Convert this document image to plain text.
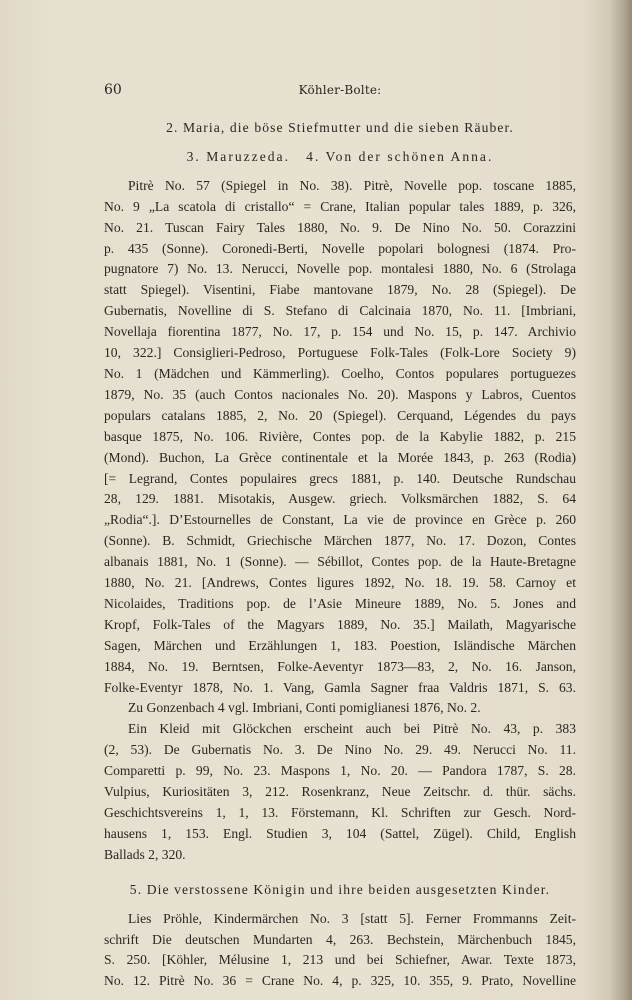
60	Köhler-Bolte:
2. Maria, die böse Stiefmutter und die sieben Räuber.
3. Maruzzeda.   4. Von der schönen Anna.
Pitrè No. 57 (Spiegel in No. 38). Pitrè, Novelle pop. toscane 1885,
No. 9 „La scatola di cristallo“ = Crane, Italian popular tales 1889, p. 326,
No. 21. Tuscan Fairy Tales 1880, No. 9. De Nino No. 50. Corazzini
p. 435 (Sonne). Coronedi-Berti, Novelle popolari bolognesi (1874. Pro-
pugnatore 7) No. 13. Nerucci, Novelle pop. montalesi 1880, No. 6 (Strolaga
statt Spiegel). Visentini, Fiabe mantovane 1879, No. 28 (Spiegel). De
Gubernatis, Novelline di S. Stefano di Calcinaia 1870, No. 11. [Imbriani,
Novellaja fiorentina 1877, No. 17, p. 154 und No. 15, p. 147. Archivio
10, 322.] Consiglieri-Pedroso, Portuguese Folk-Tales (Folk-Lore Society 9)
No. 1 (Mädchen und Kämmerling). Coelho, Contos populares portuguezes
1879, No. 35 (auch Contos nacionales No. 20). Maspons y Labros, Cuentos
populars catalans 1885, 2, No. 20 (Spiegel). Cerquand, Légendes du pays
basque 1875, No. 106. Rivière, Contes pop. de la Kabylie 1882, p. 215
(Mond). Buchon, La Grèce continentale et la Morée 1843, p. 263 (Rodia)
[= Legrand, Contes populaires grecs 1881, p. 140. Deutsche Rundschau
28, 129. 1881. Misotakis, Ausgew. griech. Volksmärchen 1882, S. 64
„Rodia“.]. D’Estournelles de Constant, La vie de province en Grèce p. 260
(Sonne). B. Schmidt, Griechische Märchen 1877, No. 17. Dozon, Contes
albanais 1881, No. 1 (Sonne). — Sébillot, Contes pop. de la Haute-Bretagne
1880, No. 21. [Andrews, Contes ligures 1892, No. 18. 19. 58. Carnoy et
Nicolaides, Traditions pop. de l’Asie Mineure 1889, No. 5. Jones and
Kropf, Folk-Tales of the Magyars 1889, No. 35.] Mailath, Magyarische
Sagen, Märchen und Erzählungen 1, 183. Poestion, Isländische Märchen
1884, No. 19. Berntsen, Folke-Aeventyr 1873—83, 2, No. 16. Janson,
Folke-Eventyr 1878, No. 1. Vang, Gamla Sagner fraa Valdris 1871, S. 63.
Zu Gonzenbach 4 vgl. Imbriani, Conti pomiglianesi 1876, No. 2.
Ein Kleid mit Glöckchen erscheint auch bei Pitrè No. 43, p. 383
(2, 53). De Gubernatis No. 3. De Nino No. 29. 49. Nerucci No. 11.
Comparetti p. 99, No. 23. Maspons 1, No. 20. — Pandora 1787, S. 28.
Vulpius, Kuriositäten 3, 212. Rosenkranz, Neue Zeitschr. d. thür. sächs.
Geschichtsvereins 1, 1, 13. Förstemann, Kl. Schriften zur Gesch. Nord-
hausens 1, 153. Engl. Studien 3, 104 (Sattel, Zügel). Child, English
Ballads 2, 320.
5. Die verstossene Königin und ihre beiden ausgesetzten Kinder.
Lies Pröhle, Kindermärchen No. 3 [statt 5]. Ferner Frommanns Zeit-
schrift Die deutschen Mundarten 4, 263. Bechstein, Märchenbuch 1845,
S. 250. [Köhler, Mélusine 1, 213 und bei Schiefner, Awar. Texte 1873,
No. 12. Pitrè No. 36 = Crane No. 4, p. 325, 10. 355, 9. Prato, Novelline
